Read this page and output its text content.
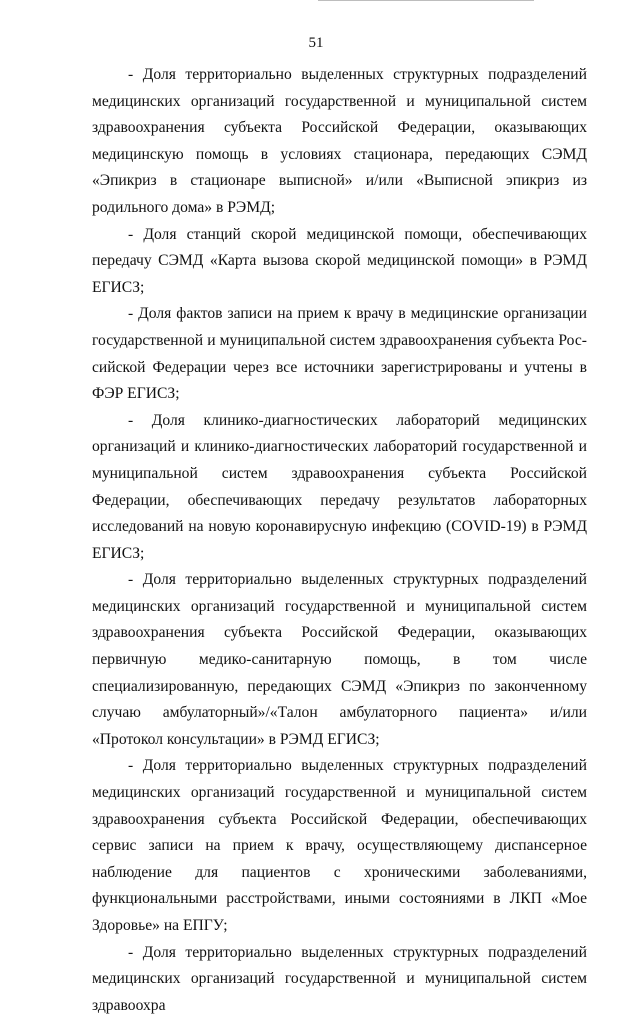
51

- Доля территориально выделенных структурных подразделений медицинских организаций государственной и муниципальной систем здравоохранения субъекта Российской Федерации, оказывающих медицинскую помощь в условиях стационара, передающих СЭМД «Эпикриз в стационаре выписной» и/или «Выписной эпикриз из родильного дома» в РЭМД;

- Доля станций скорой медицинской помощи, обеспечивающих передачу СЭМД «Карта вызова скорой медицинской помощи» в РЭМД ЕГИСЗ;

- Доля фактов записи на прием к врачу в медицинские организации государственной и муниципальной систем здравоохранения субъекта Российской Федерации через все источники зарегистрированы и учтены в ФЭР ЕГИСЗ;

- Доля клинико-диагностических лабораторий медицинских организаций и клинико-диагностических лабораторий государственной и муниципальной систем здравоохранения субъекта Российской Федерации, обеспечивающих передачу результатов лабораторных исследований на новую коронавирусную инфекцию (COVID-19) в РЭМД ЕГИСЗ;

- Доля территориально выделенных структурных подразделений медицинских организаций государственной и муниципальной систем здравоохранения субъекта Российской Федерации, оказывающих первичную медико-санитарную помощь, в том числе специализированную, передающих СЭМД «Эпикриз по законченному случаю амбулаторный»/«Талон амбулаторного пациента» и/или «Протокол консультации» в РЭМД ЕГИСЗ;

- Доля территориально выделенных структурных подразделений медицинских организаций государственной и муниципальной систем здравоохранения субъекта Российской Федерации, обеспечивающих сервис записи на прием к врачу, осуществляющему диспансерное наблюдение для пациентов с хроническими заболеваниями, функциональными расстройствами, иными состояниями в ЛКП «Мое Здоровье» на ЕПГУ;

- Доля территориально выделенных структурных подразделений медицинских организаций государственной и муниципальной систем здравоохра
